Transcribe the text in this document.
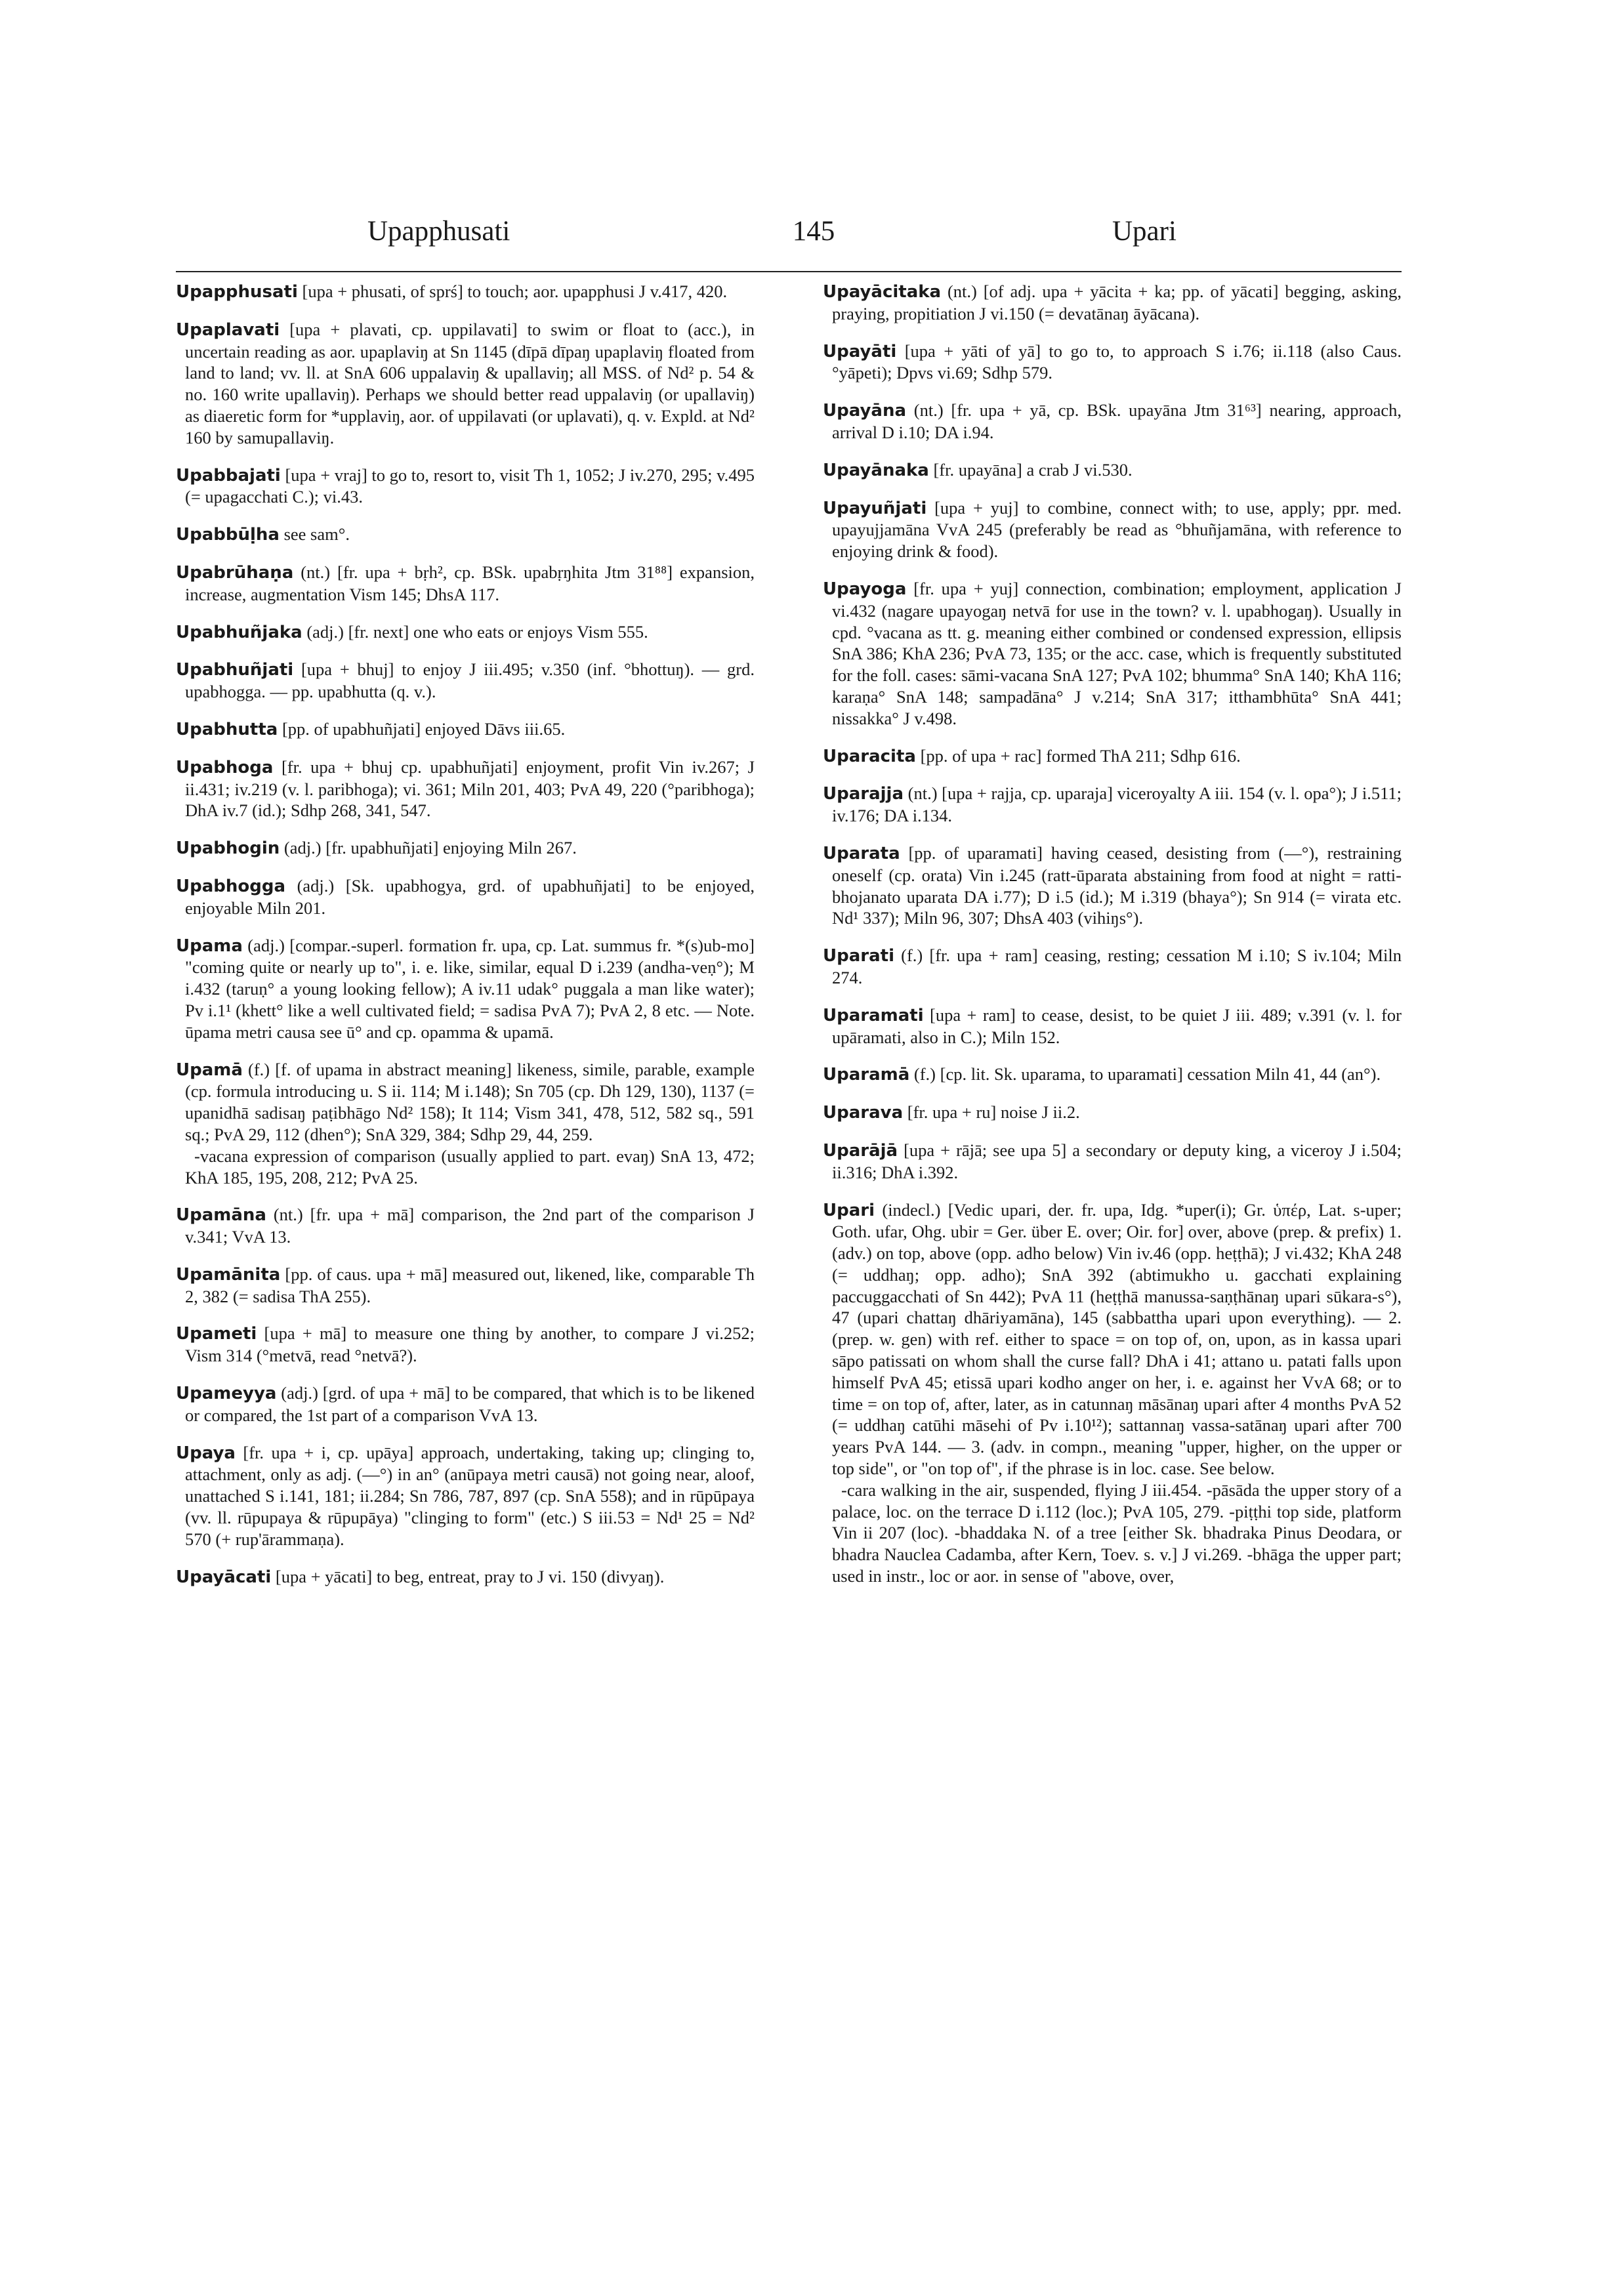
Upapphusati	145	Upari

Upapphusati [upa + phusati, of sprś] to touch; aor. upapphusi J v.417, 420.

Upaplavati [upa + plavati, cp. uppilavati] to swim or float to (acc.), in uncertain reading as aor. upaplaviŋ at Sn 1145 (dīpā dīpaŋ upaplaviŋ floated from land to land; vv. ll. at SnA 606 uppalaviŋ & upallaviŋ; all MSS. of Nd² p. 54 & no. 160 write upallaviŋ). Perhaps we should better read uppalaviŋ (or upallaviŋ) as diaeretic form for *upplaviŋ, aor. of uppilavati (or uplavati), q. v. Expld. at Nd² 160 by samupallaviŋ.

Upabbajati [upa + vraj] to go to, resort to, visit Th 1, 1052; J iv.270, 295; v.495 (= upagacchati C.); vi.43.

Upabbūḷha see sam°.

Upabrūhaṇa (nt.) [fr. upa + bṛh², cp. BSk. upabṛŋhita Jtm 31⁸⁸] expansion, increase, augmentation Vism 145; DhsA 117.

Upabhuñjaka (adj.) [fr. next] one who eats or enjoys Vism 555.

Upabhuñjati [upa + bhuj] to enjoy J iii.495; v.350 (inf. °bhottuŋ). — grd. upabhogga. — pp. upabhutta (q. v.).

Upabhutta [pp. of upabhuñjati] enjoyed Dāvs iii.65.

Upabhoga [fr. upa + bhuj cp. upabhuñjati] enjoyment, profit Vin iv.267; J ii.431; iv.219 (v. l. paribhoga); vi. 361; Miln 201, 403; PvA 49, 220 (°paribhoga); DhA iv.7 (id.); Sdhp 268, 341, 547.

Upabhogin (adj.) [fr. upabhuñjati] enjoying Miln 267.

Upabhogga (adj.) [Sk. upabhogya, grd. of upabhuñjati] to be enjoyed, enjoyable Miln 201.

Upama (adj.) [compar.-superl. formation fr. upa, cp. Lat. summus fr. *(s)ub-mo] "coming quite or nearly up to", i. e. like, similar, equal D i.239 (andha-veṇ°); M i.432 (taruṇ° a young looking fellow); A iv.11 udak° puggala a man like water); Pv i.1¹ (khett° like a well cultivated field; = sadisa PvA 7); PvA 2, 8 etc. — Note. ūpama metri causa see ū° and cp. opamma & upamā.

Upamā (f.) [f. of upama in abstract meaning] likeness, simile, parable, example (cp. formula introducing u. S ii. 114; M i.148); Sn 705 (cp. Dh 129, 130), 1137 (= upanidhā sadisaŋ paṭibhāgo Nd² 158); It 114; Vism 341, 478, 512, 582 sq., 591 sq.; PvA 29, 112 (dhen°); SnA 329, 384; Sdhp 29, 44, 259.

-vacana expression of comparison (usually applied to part. evaŋ) SnA 13, 472; KhA 185, 195, 208, 212; PvA 25.

Upamāna (nt.) [fr. upa + mā] comparison, the 2nd part of the comparison J v.341; VvA 13.

Upamānita [pp. of caus. upa + mā] measured out, likened, like, comparable Th 2, 382 (= sadisa ThA 255).

Upameti [upa + mā] to measure one thing by another, to compare J vi.252; Vism 314 (°metvā, read °netvā?).

Upameyya (adj.) [grd. of upa + mā] to be compared, that which is to be likened or compared, the 1st part of a comparison VvA 13.

Upaya [fr. upa + i, cp. upāya] approach, undertaking, taking up; clinging to, attachment, only as adj. (—°) in an° (anūpaya metri causā) not going near, aloof, unattached S i.141, 181; ii.284; Sn 786, 787, 897 (cp. SnA 558); and in rūpūpaya (vv. ll. rūpupaya & rūpupāya) "clinging to form" (etc.) S iii.53 = Nd¹ 25 = Nd² 570 (+ rup'ārammaṇa).

Upayācati [upa + yācati] to beg, entreat, pray to J vi. 150 (divyaŋ).

Upayācitaka (nt.) [of adj. upa + yācita + ka; pp. of yācati] begging, asking, praying, propitiation J vi.150 (= devatānaŋ āyācana).

Upayāti [upa + yāti of yā] to go to, to approach S i.76; ii.118 (also Caus. °yāpeti); Dpvs vi.69; Sdhp 579.

Upayāna (nt.) [fr. upa + yā, cp. BSk. upayāna Jtm 31⁶³] nearing, approach, arrival D i.10; DA i.94.

Upayānaka [fr. upayāna] a crab J vi.530.

Upayuñjati [upa + yuj] to combine, connect with; to use, apply; ppr. med. upayujjamāna VvA 245 (preferably be read as °bhuñjamāna, with reference to enjoying drink & food).

Upayoga [fr. upa + yuj] connection, combination; employment, application J vi.432 (nagare upayogaŋ netvā for use in the town? v. l. upabhogaŋ). Usually in cpd. °vacana as tt. g. meaning either combined or condensed expression, ellipsis SnA 386; KhA 236; PvA 73, 135; or the acc. case, which is frequently substituted for the foll. cases: sāmi-vacana SnA 127; PvA 102; bhumma° SnA 140; KhA 116; karaṇa° SnA 148; sampadāna° J v.214; SnA 317; itthambhūta° SnA 441; nissakka° J v.498.

Uparacita [pp. of upa + rac] formed ThA 211; Sdhp 616.

Uparajja (nt.) [upa + rajja, cp. uparaja] viceroyalty A iii. 154 (v. l. opa°); J i.511; iv.176; DA i.134.

Uparata [pp. of uparamati] having ceased, desisting from (—°), restraining oneself (cp. orata) Vin i.245 (ratt-ūparata abstaining from food at night = ratti-bhojanato uparata DA i.77); D i.5 (id.); M i.319 (bhaya°); Sn 914 (= virata etc. Nd¹ 337); Miln 96, 307; DhsA 403 (vihiŋs°).

Uparati (f.) [fr. upa + ram] ceasing, resting; cessation M i.10; S iv.104; Miln 274.

Uparamati [upa + ram] to cease, desist, to be quiet J iii. 489; v.391 (v. l. for upāramati, also in C.); Miln 152.

Uparamā (f.) [cp. lit. Sk. uparama, to uparamati] cessation Miln 41, 44 (an°).

Uparava [fr. upa + ru] noise J ii.2.

Uparājā [upa + rājā; see upa 5] a secondary or deputy king, a viceroy J i.504; ii.316; DhA i.392.

Upari (indecl.) [Vedic upari, der. fr. upa, Idg. *uper(i); Gr. ὑπέρ, Lat. s-uper; Goth. ufar, Ohg. ubir = Ger. über E. over; Oir. for] over, above (prep. & prefix) 1. (adv.) on top, above (opp. adho below) Vin iv.46 (opp. heṭṭhā); J vi.432; KhA 248 (= uddhaŋ; opp. adho); SnA 392 (abtimukho u. gacchati explaining paccuggacchati of Sn 442); PvA 11 (heṭṭhā manussa-saṇṭhānaŋ upari sūkara-s°), 47 (upari chattaŋ dhāriyamāna), 145 (sabbattha upari upon everything). — 2. (prep. w. gen) with ref. either to space = on top of, on, upon, as in kassa upari sāpo patissati on whom shall the curse fall? DhA i 41; attano u. patati falls upon himself PvA 45; etissā upari kodho anger on her, i. e. against her VvA 68; or to time = on top of, after, later, as in catunnaŋ māsānaŋ upari after 4 months PvA 52 (= uddhaŋ catūhi māsehi of Pv i.10¹²); sattannaŋ vassa-satānaŋ upari after 700 years PvA 144. — 3. (adv. in compn., meaning "upper, higher, on the upper or top side", or "on top of", if the phrase is in loc. case. See below.

-cara walking in the air, suspended, flying J iii.454. -pāsāda the upper story of a palace, loc. on the terrace D i.112 (loc.); PvA 105, 279. -piṭṭhi top side, platform Vin ii 207 (loc). -bhaddaka N. of a tree [either Sk. bhadraka Pinus Deodara, or bhadra Nauclea Cadamba, after Kern, Toev. s. v.] J vi.269. -bhāga the upper part; used in instr., loc or aor. in sense of "above, over,
